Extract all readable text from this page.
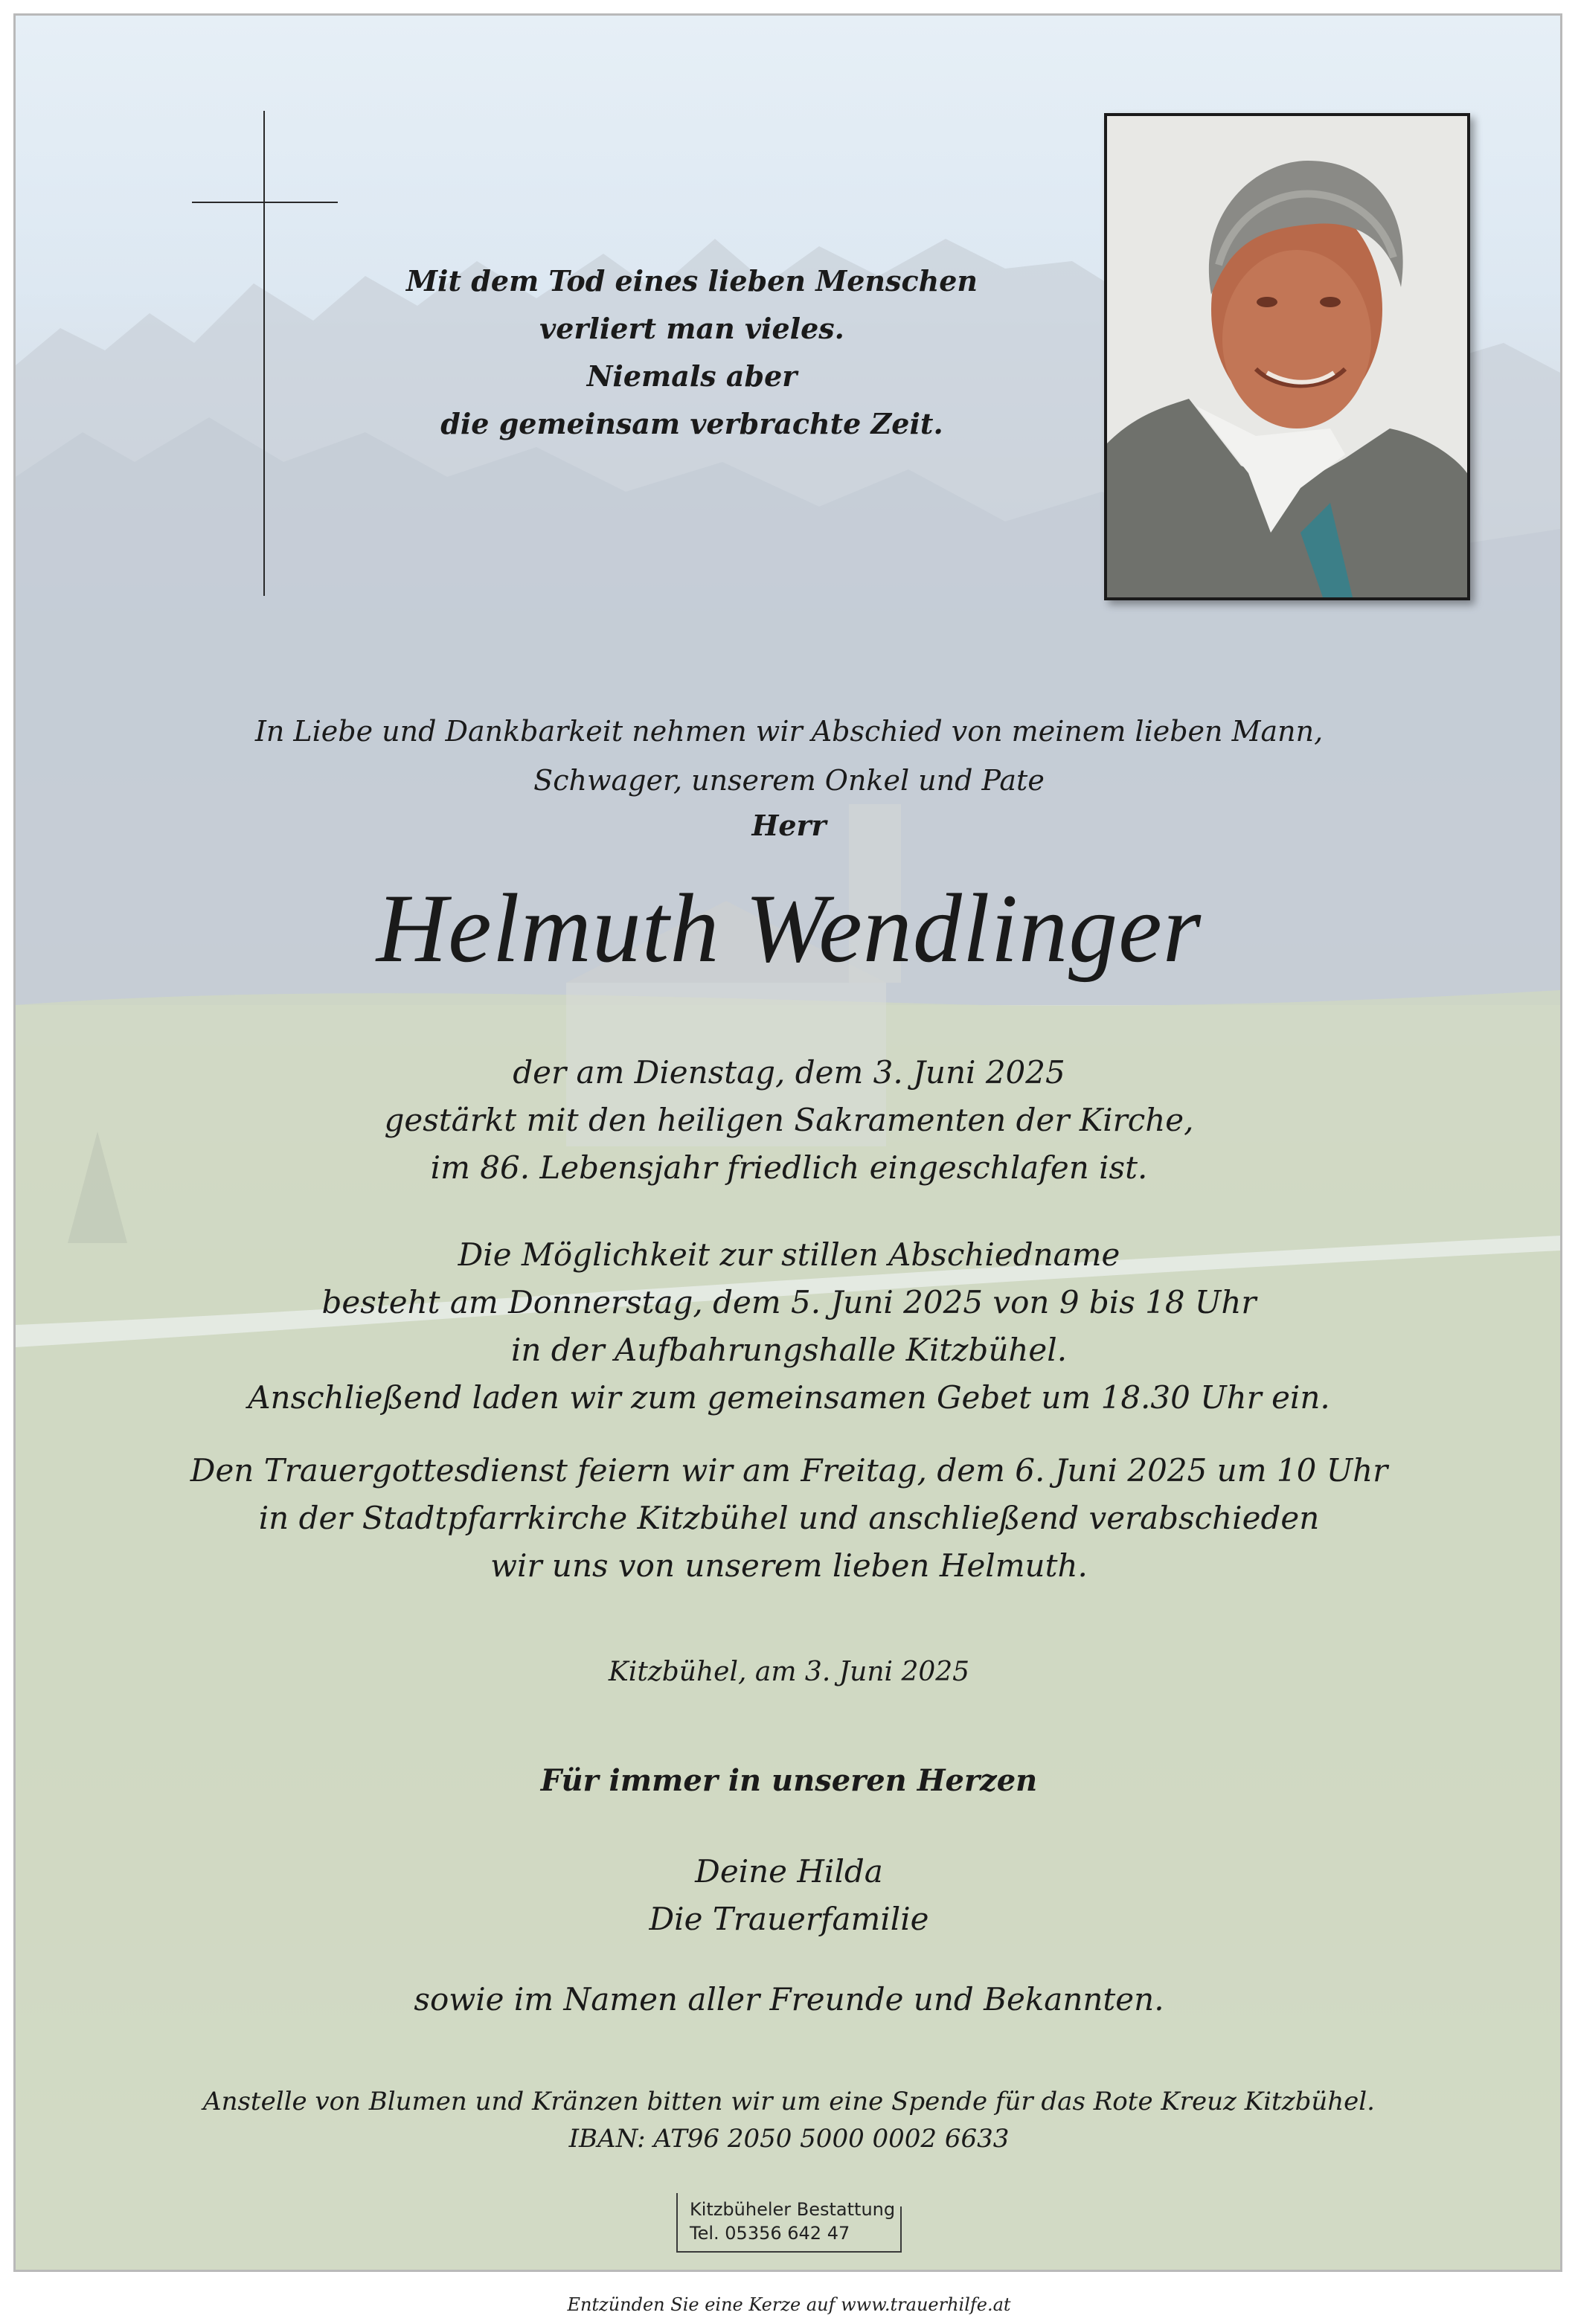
Mit dem Tod eines lieben Menschen
verliert man vieles.
Niemals aber
die gemeinsam verbrachte Zeit.
In Liebe und Dankbarkeit nehmen wir Abschied von meinem lieben Mann,
Schwager, unserem Onkel und Pate
Herr
Helmuth Wendlinger
der am Dienstag, dem 3. Juni 2025
gestärkt mit den heiligen Sakramenten der Kirche,
im 86. Lebensjahr friedlich eingeschlafen ist.
Die Möglichkeit zur stillen Abschiedname
besteht am Donnerstag, dem 5. Juni 2025 von 9 bis 18 Uhr
in der Aufbahrungshalle Kitzbühel.
Anschließend laden wir zum gemeinsamen Gebet um 18.30 Uhr ein.
Den Trauergottesdienst feiern wir am Freitag, dem 6. Juni 2025 um 10 Uhr
in der Stadtpfarrkirche Kitzbühel und anschließend verabschieden
wir uns von unserem lieben Helmuth.
Kitzbühel, am 3. Juni 2025
Für immer in unseren Herzen
Deine Hilda
Die Trauerfamilie
sowie im Namen aller Freunde und Bekannten.
Anstelle von Blumen und Kränzen bitten wir um eine Spende für das Rote Kreuz Kitzbühel.
IBAN: AT96 2050 5000 0002 6633
Kitzbüheler Bestattung
Tel. 05356 642 47
Entzünden Sie eine Kerze auf www.trauerhilfe.at
